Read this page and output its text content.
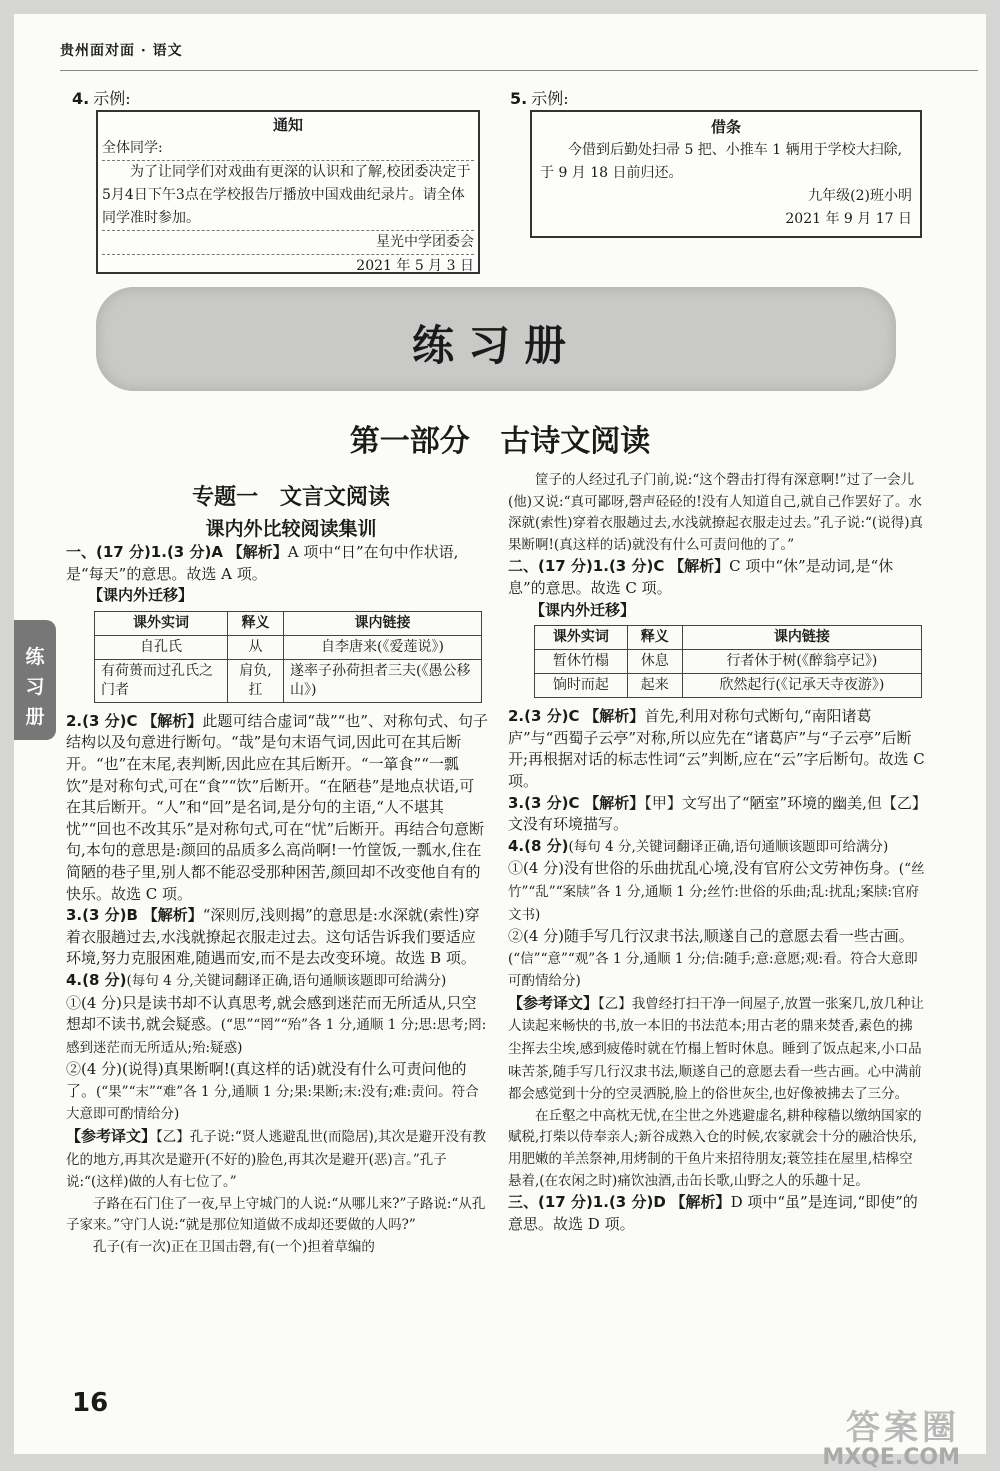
贵州面对面 · 语文
4. 示例:
通知
全体同学:
为了让同学们对戏曲有更深的认识和了解,校团委决定于5月4日下午3点在学校报告厅播放中国戏曲纪录片。请全体同学准时参加。
星光中学团委会
2021 年 5 月 3 日
5. 示例:
借条
今借到后勤处扫帚 5 把、小推车 1 辆用于学校大扫除,于 9 月 18 日前归还。
九年级(2)班小明
2021 年 9 月 17 日
练习册
第一部分 古诗文阅读
专题一 文言文阅读
课内外比较阅读集训

一、(17 分)1.(3 分)A 【解析】A 项中“日”在句中作状语,是“每天”的意思。故选 A 项。

【课内外迁移】

课外实词	释义	课内链接
自孔氏	从	自李唐来(《爱莲说》)
有荷蒉而过孔氏之门者	肩负,扛	遂率子孙荷担者三夫(《愚公移山》)

2.(3 分)C 【解析】此题可结合虚词“哉”“也”、对称句式、句子结构以及句意进行断句。“哉”是句末语气词,因此可在其后断开。“也”在末尾,表判断,因此应在其后断开。“一箪食”“一瓢饮”是对称句式,可在“食”“饮”后断开。“在陋巷”是地点状语,可在其后断开。“人”和“回”是名词,是分句的主语,“人不堪其忧”“回也不改其乐”是对称句式,可在“忧”后断开。再结合句意断句,本句的意思是:颜回的品质多么高尚啊!一竹筐饭,一瓢水,住在简陋的巷子里,别人都不能忍受那种困苦,颜回却不改变他自有的快乐。故选 C 项。

3.(3 分)B 【解析】“深则厉,浅则揭”的意思是:水深就(索性)穿着衣服趟过去,水浅就撩起衣服走过去。这句话告诉我们要适应环境,努力克服困难,随遇而安,而不是去改变环境。故选 B 项。

4.(8 分)(每句 4 分,关键词翻译正确,语句通顺该题即可给满分)

①(4 分)只是读书却不认真思考,就会感到迷茫而无所适从,只空想却不读书,就会疑惑。(“思”“罔”“殆”各 1 分,通顺 1 分;思:思考;罔:感到迷茫而无所适从;殆:疑惑)

②(4 分)(说得)真果断啊!(真这样的话)就没有什么可责问他的了。(“果”“末”“难”各 1 分,通顺 1 分;果:果断;末:没有;难:责问。符合大意即可酌情给分)

【参考译文】【乙】孔子说:“贤人逃避乱世(而隐居),其次是避开没有教化的地方,再其次是避开(不好的)脸色,再其次是避开(恶)言。”孔子说:“(这样)做的人有七位了。”

子路在石门住了一夜,早上守城门的人说:“从哪儿来?”子路说:“从孔子家来。”守门人说:“就是那位知道做不成却还要做的人吗?”

孔子(有一次)正在卫国击磬,有(一个)担着草编的

筐子的人经过孔子门前,说:“这个磬击打得有深意啊!”过了一会儿(他)又说:“真可鄙呀,磬声硁硁的!没有人知道自己,就自己作罢好了。水深就(索性)穿着衣服趟过去,水浅就撩起衣服走过去。”孔子说:“(说得)真果断啊!(真这样的话)就没有什么可责问他的了。”

二、(17 分)1.(3 分)C 【解析】C 项中“休”是动词,是“休息”的意思。故选 C 项。

【课内外迁移】

课外实词	释义	课内链接
暂休竹榻	休息	行者休于树(《醉翁亭记》)
饷时而起	起来	欣然起行(《记承天寺夜游》)

2.(3 分)C 【解析】首先,利用对称句式断句,“南阳诸葛庐”与“西蜀子云亭”对称,所以应先在“诸葛庐”与“子云亭”后断开;再根据对话的标志性词“云”判断,应在“云”字后断句。故选 C 项。

3.(3 分)C 【解析】【甲】文写出了“陋室”环境的幽美,但【乙】文没有环境描写。

4.(8 分)(每句 4 分,关键词翻译正确,语句通顺该题即可给满分)

①(4 分)没有世俗的乐曲扰乱心境,没有官府公文劳神伤身。(“丝竹”“乱”“案牍”各 1 分,通顺 1 分;丝竹:世俗的乐曲;乱:扰乱;案牍:官府文书)

②(4 分)随手写几行汉隶书法,顺遂自己的意愿去看一些古画。(“信”“意”“观”各 1 分,通顺 1 分;信:随手;意:意愿;观:看。符合大意即可酌情给分)

【参考译文】【乙】我曾经打扫干净一间屋子,放置一张案几,放几种让人读起来畅快的书,放一本旧的书法范本;用古老的鼎来焚香,素色的拂尘挥去尘埃,感到疲倦时就在竹榻上暂时休息。睡到了饭点起来,小口品味苦茶,随手写几行汉隶书法,顺遂自己的意愿去看一些古画。心中满前都会感觉到十分的空灵洒脱,脸上的俗世灰尘,也好像被拂去了三分。

在丘壑之中高枕无忧,在尘世之外逃避虚名,耕种稼穑以缴纳国家的赋税,打柴以侍奉亲人;新谷成熟入仓的时候,农家就会十分的融洽快乐,用肥嫩的羊羔祭神,用烤制的干鱼片来招待朋友;蓑笠挂在屋里,桔槔空悬着,(在农闲之时)痛饮浊酒,击缶长歌,山野之人的乐趣十足。

三、(17 分)1.(3 分)D 【解析】D 项中“虽”是连词,“即使”的意思。故选 D 项。

练习册
16
答案圈
MXQE.COM
